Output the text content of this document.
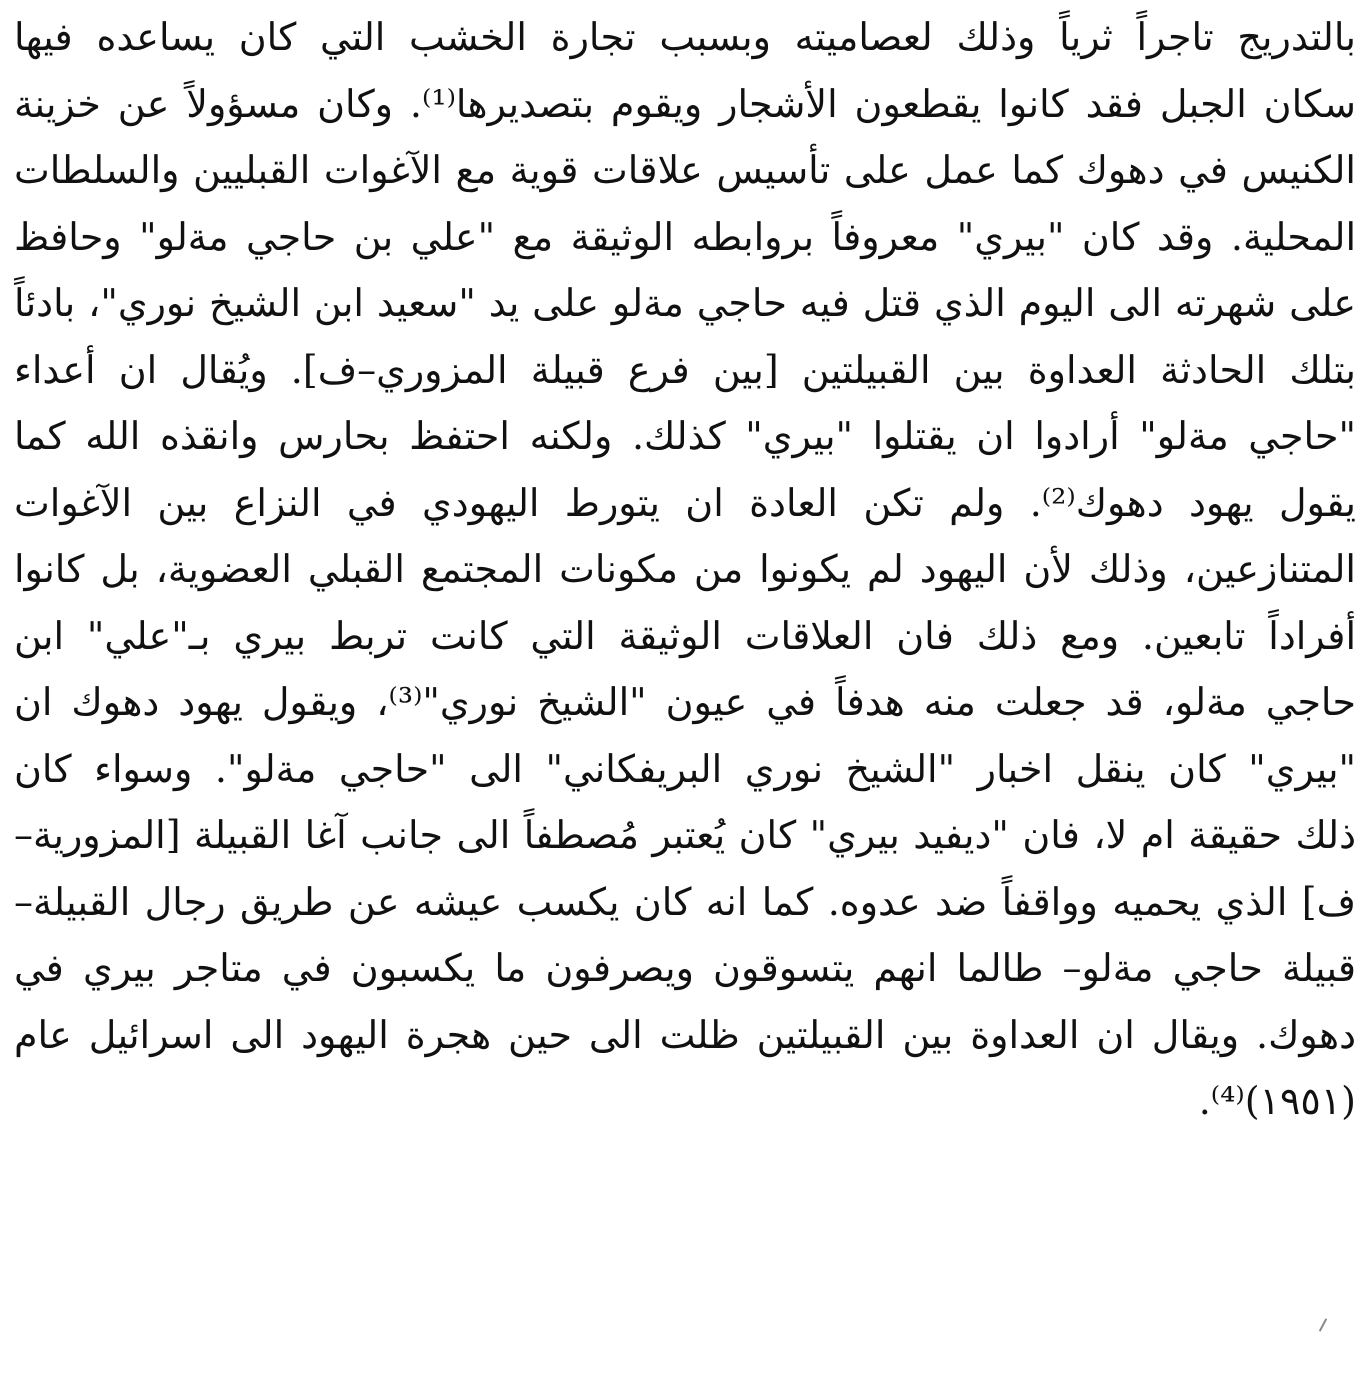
بالتدريج تاجراً ثرياً وذلك لعصاميته وبسبب تجارة الخشب التي كان يساعده فيها
سكان الجبل فقد كانوا يقطعون الأشجار ويقوم بتصديرها⁽¹⁾. وكان مسؤولاً عن خزينة
الكنيس في دهوك كما عمل على تأسيس علاقات قوية مع الآغوات القبليين والسلطات
المحلية. وقد كان "بيري" معروفاً بروابطه الوثيقة مع "علي بن حاجي مةلو" وحافظ
على شهرته الى اليوم الذي قتل فيه حاجي مةلو على يد "سعيد ابن الشيخ نوري"، بادئاً
بتلك الحادثة العداوة بين القبيلتين [بين فرع قبيلة المزوري–ف]. ويُقال ان أعداء
"حاجي مةلو" أرادوا ان يقتلوا "بيري" كذلك. ولكنه احتفظ بحارس وانقذه الله كما
يقول يهود دهوك⁽²⁾. ولم تكن العادة ان يتورط اليهودي في النزاع بين الآغوات
المتنازعين، وذلك لأن اليهود لم يكونوا من مكونات المجتمع القبلي العضوية، بل كانوا
أفراداً تابعين. ومع ذلك فان العلاقات الوثيقة التي كانت تربط بيري بـ"علي" ابن
حاجي مةلو، قد جعلت منه هدفاً في عيون "الشيخ نوري"⁽³⁾، ويقول يهود دهوك ان
"بيري" كان ينقل اخبار "الشيخ نوري البريفكاني" الى "حاجي مةلو". وسواء كان
ذلك حقيقة ام لا، فان "ديفيد بيري" كان يُعتبر مُصطفاً الى جانب آغا القبيلة [المزورية–
ف] الذي يحميه وواقفاً ضد عدوه. كما انه كان يكسب عيشه عن طريق رجال القبيلة–
قبيلة حاجي مةلو– طالما انهم يتسوقون ويصرفون ما يكسبون في متاجر بيري في
دهوك. ويقال ان العداوة بين القبيلتين ظلت الى حين هجرة اليهود الى اسرائيل عام
(١٩٥١)⁽⁴⁾.
